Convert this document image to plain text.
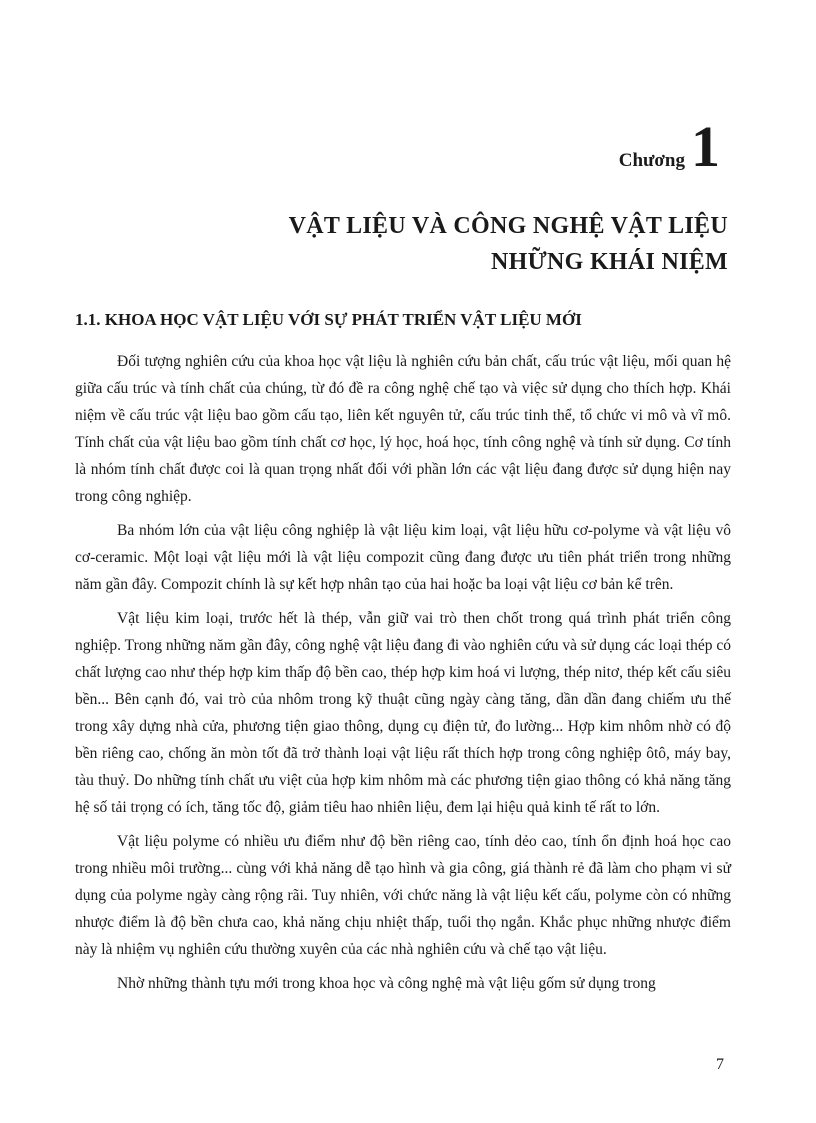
Chương 1
VẬT LIỆU VÀ CÔNG NGHỆ VẬT LIỆU
NHỮNG KHÁI NIỆM
1.1. KHOA HỌC VẬT LIỆU VỚI SỰ PHÁT TRIỂN VẬT LIỆU MỚI

Đối tượng nghiên cứu của khoa học vật liệu là nghiên cứu bản chất, cấu trúc vật liệu, mối quan hệ giữa cấu trúc và tính chất của chúng, từ đó đề ra công nghệ chế tạo và việc sử dụng cho thích hợp. Khái niệm về cấu trúc vật liệu bao gồm cấu tạo, liên kết nguyên tử, cấu trúc tinh thể, tổ chức vi mô và vĩ mô. Tính chất của vật liệu bao gồm tính chất cơ học, lý học, hoá học, tính công nghệ và tính sử dụng. Cơ tính là nhóm tính chất được coi là quan trọng nhất đối với phần lớn các vật liệu đang được sử dụng hiện nay trong công nghiệp.

Ba nhóm lớn của vật liệu công nghiệp là vật liệu kim loại, vật liệu hữu cơ-polyme và vật liệu vô cơ-ceramic. Một loại vật liệu mới là vật liệu compozit cũng đang được ưu tiên phát triển trong những năm gần đây. Compozit chính là sự kết hợp nhân tạo của hai hoặc ba loại vật liệu cơ bản kể trên.

Vật liệu kim loại, trước hết là thép, vẫn giữ vai trò then chốt trong quá trình phát triển công nghiệp. Trong những năm gần đây, công nghệ vật liệu đang đi vào nghiên cứu và sử dụng các loại thép có chất lượng cao như thép hợp kim thấp độ bền cao, thép hợp kim hoá vi lượng, thép nitơ, thép kết cấu siêu bền... Bên cạnh đó, vai trò của nhôm trong kỹ thuật cũng ngày càng tăng, dần dần đang chiếm ưu thế trong xây dựng nhà cửa, phương tiện giao thông, dụng cụ điện tử, đo lường... Hợp kim nhôm nhờ có độ bền riêng cao, chống ăn mòn tốt đã trở thành loại vật liệu rất thích hợp trong công nghiệp ôtô, máy bay, tàu thuỷ. Do những tính chất ưu việt của hợp kim nhôm mà các phương tiện giao thông có khả năng tăng hệ số tải trọng có ích, tăng tốc độ, giảm tiêu hao nhiên liệu, đem lại hiệu quả kinh tế rất to lớn.

Vật liệu polyme có nhiều ưu điểm như độ bền riêng cao, tính dẻo cao, tính ổn định hoá học cao trong nhiều môi trường... cùng với khả năng dễ tạo hình và gia công, giá thành rẻ đã làm cho phạm vi sử dụng của polyme ngày càng rộng rãi. Tuy nhiên, với chức năng là vật liệu kết cấu, polyme còn có những nhược điểm là độ bền chưa cao, khả năng chịu nhiệt thấp, tuổi thọ ngắn. Khắc phục những nhược điểm này là nhiệm vụ nghiên cứu thường xuyên của các nhà nghiên cứu và chế tạo vật liệu.

Nhờ những thành tựu mới trong khoa học và công nghệ mà vật liệu gốm sử dụng trong

7
